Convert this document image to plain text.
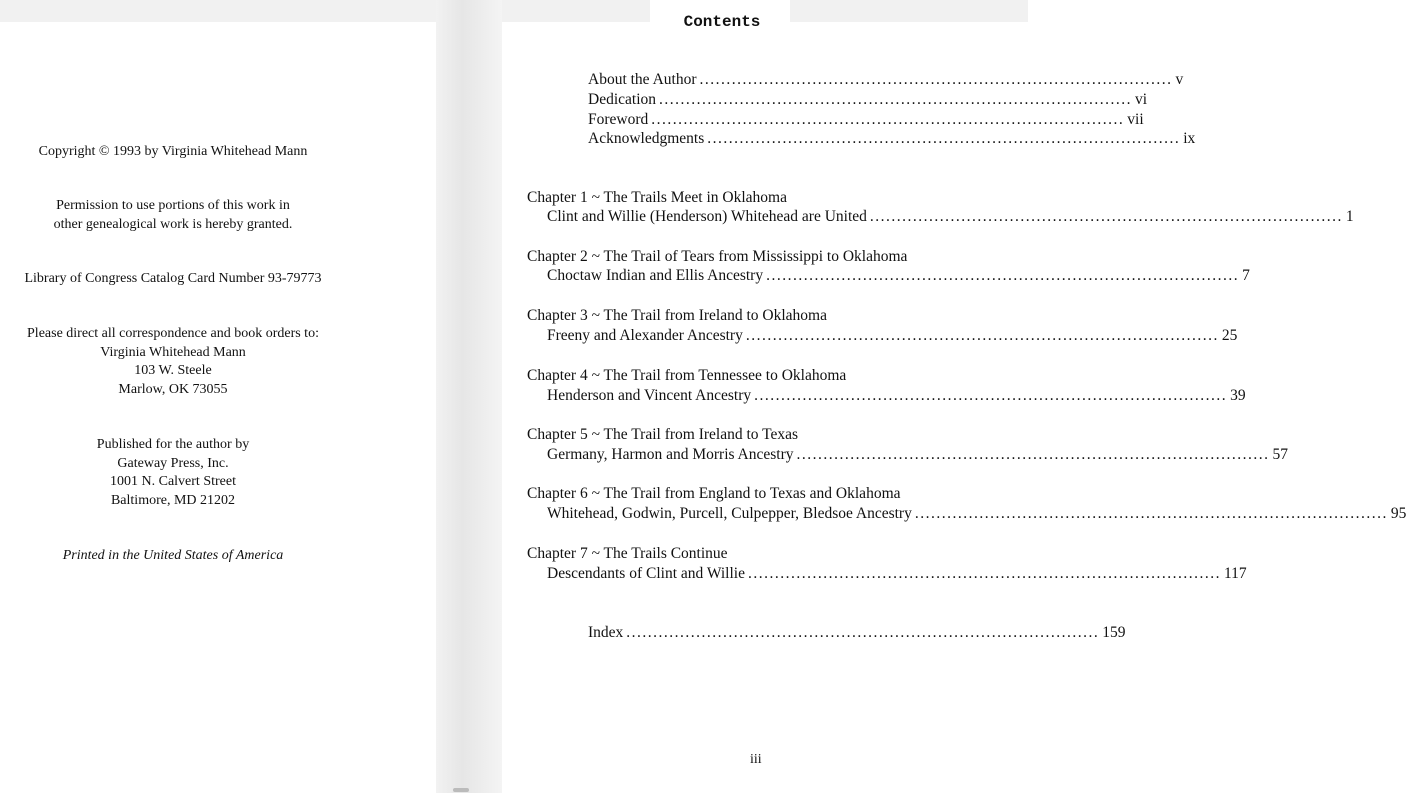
Copyright © 1993 by Virginia Whitehead Mann
Permission to use portions of this work in
other genealogical work is hereby granted.
Library of Congress Catalog Card Number 93-79773
Please direct all correspondence and book orders to:
Virginia Whitehead Mann
103 W. Steele
Marlow, OK 73055
Published for the author by
Gateway Press, Inc.
1001 N. Calvert Street
Baltimore, MD 21202
Printed in the United States of America
Contents
About the Author ........................................................................................ v
Dedication ........................................................................................ vi
Foreword ........................................................................................ vii
Acknowledgments ........................................................................................ ix
Chapter 1 ~ The Trails Meet in Oklahoma
Clint and Willie (Henderson) Whitehead are United ........................................................................................ 1
Chapter 2 ~ The Trail of Tears from Mississippi to Oklahoma
Choctaw Indian and Ellis Ancestry ........................................................................................ 7
Chapter 3 ~ The Trail from Ireland to Oklahoma
Freeny and Alexander Ancestry ........................................................................................ 25
Chapter 4 ~ The Trail from Tennessee to Oklahoma
Henderson and Vincent Ancestry ........................................................................................ 39
Chapter 5 ~ The Trail from Ireland to Texas
Germany, Harmon and Morris Ancestry ........................................................................................ 57
Chapter 6 ~ The Trail from England to Texas and Oklahoma
Whitehead, Godwin, Purcell, Culpepper, Bledsoe Ancestry ........................................................................................ 95
Chapter 7 ~ The Trails Continue
Descendants of Clint and Willie ........................................................................................ 117
Index ........................................................................................ 159
iii
